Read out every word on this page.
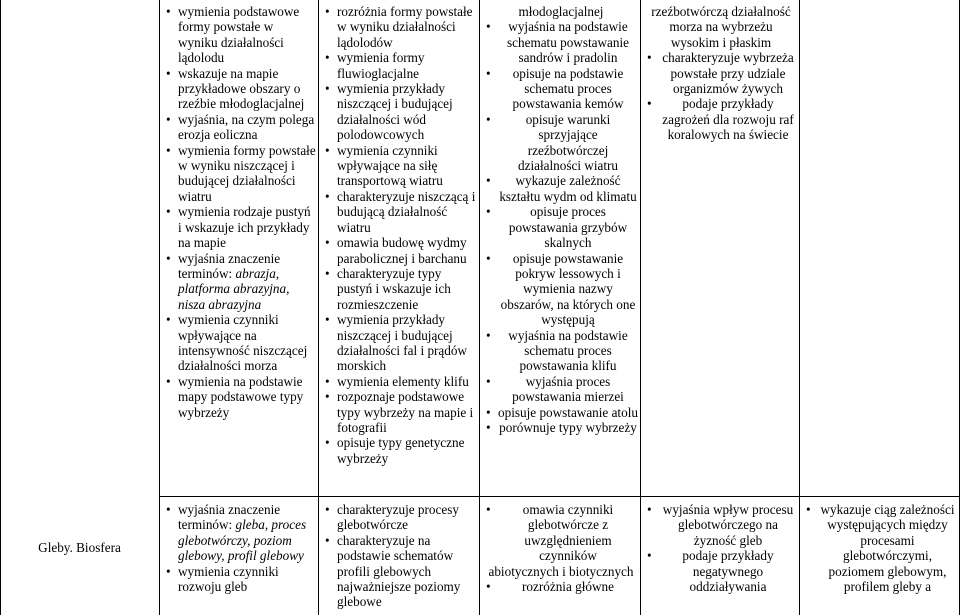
Gleby. Biosfera
• wymienia podstawowe formy powstałe w wyniku działalności lądolodu
• wskazuje na mapie przykładowe obszary o rzeźbie młodoglacjalnej
• wyjaśnia, na czym polega erozja eoliczna
• wymienia formy powstałe w wyniku niszczącej i budującej działalności wiatru
• wymienia rodzaje pustyń i wskazuje ich przykłady na mapie
• wyjaśnia znaczenie terminów: abrazja, platforma abrazyjna, nisza abrazyjna
• wymienia czynniki wpływające na intensywność niszczącej działalności morza
• wymienia na podstawie mapy podstawowe typy wybrzeży
• rozróżnia formy powstałe w wyniku działalności lądolodów
• wymienia formy fluwioglacjalne
• wymienia przykłady niszczącej i budującej działalności wód polodowcowych
• wymienia czynniki wpływające na siłę transportową wiatru
• charakteryzuje niszczącą i budującą działalność wiatru
• omawia budowę wydmy parabolicznej i barchanu
• charakteryzuje typy pustyń i wskazuje ich rozmieszczenie
• wymienia przykłady niszczącej i budującej działalności fal i prądów morskich
• wymienia elementy klifu
• rozpoznaje podstawowe typy wybrzeży na mapie i fotografii
• opisuje typy genetyczne wybrzeży
młodoglacjalnej
• wyjaśnia na podstawie schematu powstawanie sandrów i pradolin
• opisuje na podstawie schematu proces powstawania kemów
• opisuje warunki sprzyjające rzeźbotwórczej działalności wiatru
• wykazuje zależność kształtu wydm od klimatu
• opisuje proces powstawania grzybów skalnych
• opisuje powstawanie pokryw lessowych i wymienia nazwy obszarów, na których one występują
• wyjaśnia na podstawie schematu proces powstawania klifu
• wyjaśnia proces powstawania mierzei
• opisuje powstawanie atolu
• porównuje typy wybrzeży
rzeźbotwórczą działalność morza na wybrzeżu wysokim i płaskim
• charakteryzuje wybrzeża powstałe przy udziale organizmów żywych
• podaje przykłady zagrożeń dla rozwoju raf koralowych na świecie
• wyjaśnia znaczenie terminów: gleba, proces glebotwórczy, poziom glebowy, profil glebowy
• wymienia czynniki rozwoju gleb
• charakteryzuje procesy glebotwórcze
• charakteryzuje na podstawie schematów profili glebowych najważniejsze poziomy glebowe
• omawia czynniki glebotwórcze z uwzględnieniem czynników
abiotycznych i biotycznych
• rozróżnia główne
• wyjaśnia wpływ procesu glebotwórczego na żyzność gleb
• podaje przykłady negatywnego oddziaływania
• wykazuje ciąg zależności występujących między procesami glebotwórczymi, poziomem glebowym, profilem gleby a
